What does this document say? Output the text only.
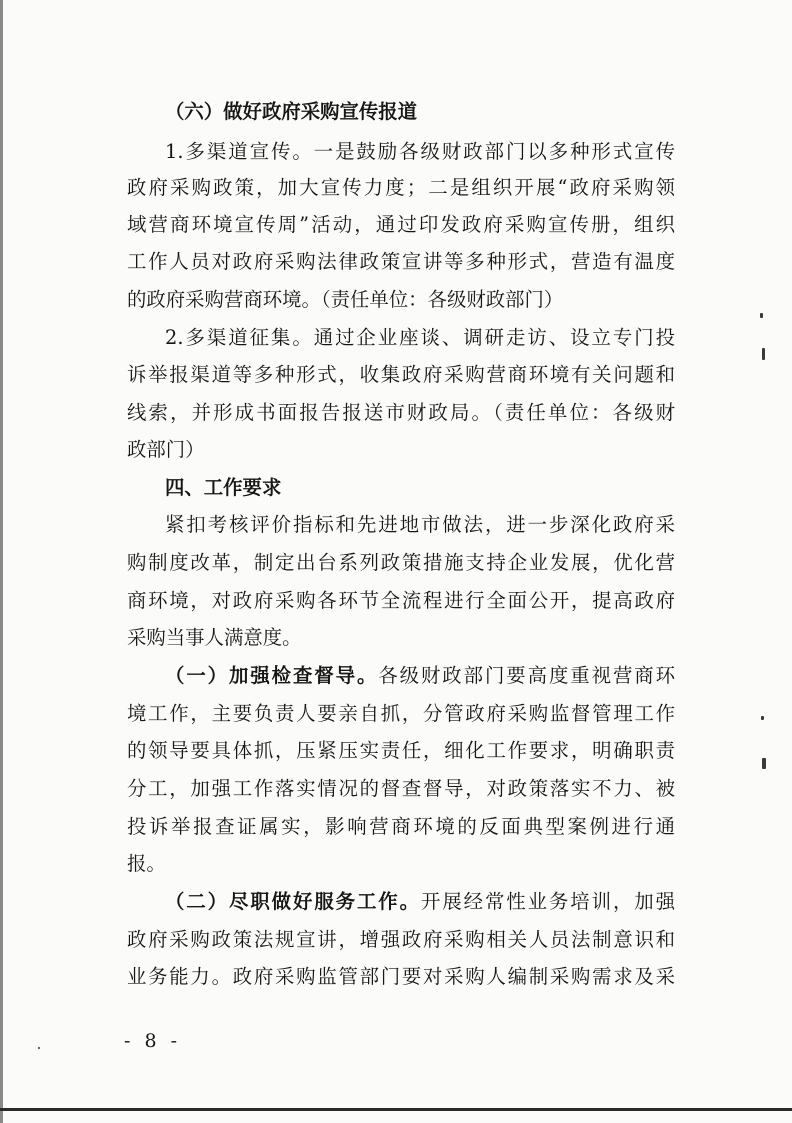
（六）做好政府采购宣传报道
1.多渠道宣传。一是鼓励各级财政部门以多种形式宣传
政府采购政策，加大宣传力度；二是组织开展“政府采购领
域营商环境宣传周”活动，通过印发政府采购宣传册，组织
工作人员对政府采购法律政策宣讲等多种形式，营造有温度
的政府采购营商环境。（责任单位：各级财政部门）
2.多渠道征集。通过企业座谈、调研走访、设立专门投
诉举报渠道等多种形式，收集政府采购营商环境有关问题和
线索，并形成书面报告报送市财政局。（责任单位：各级财
政部门）
四、工作要求
紧扣考核评价指标和先进地市做法，进一步深化政府采
购制度改革，制定出台系列政策措施支持企业发展，优化营
商环境，对政府采购各环节全流程进行全面公开，提高政府
采购当事人满意度。
（一）加强检查督导。各级财政部门要高度重视营商环
境工作，主要负责人要亲自抓，分管政府采购监督管理工作
的领导要具体抓，压紧压实责任，细化工作要求，明确职责
分工，加强工作落实情况的督查督导，对政策落实不力、被
投诉举报查证属实，影响营商环境的反面典型案例进行通
报。
（二）尽职做好服务工作。开展经常性业务培训，加强
政府采购政策法规宣讲，增强政府采购相关人员法制意识和
业务能力。政府采购监管部门要对采购人编制采购需求及采
- 8 -
